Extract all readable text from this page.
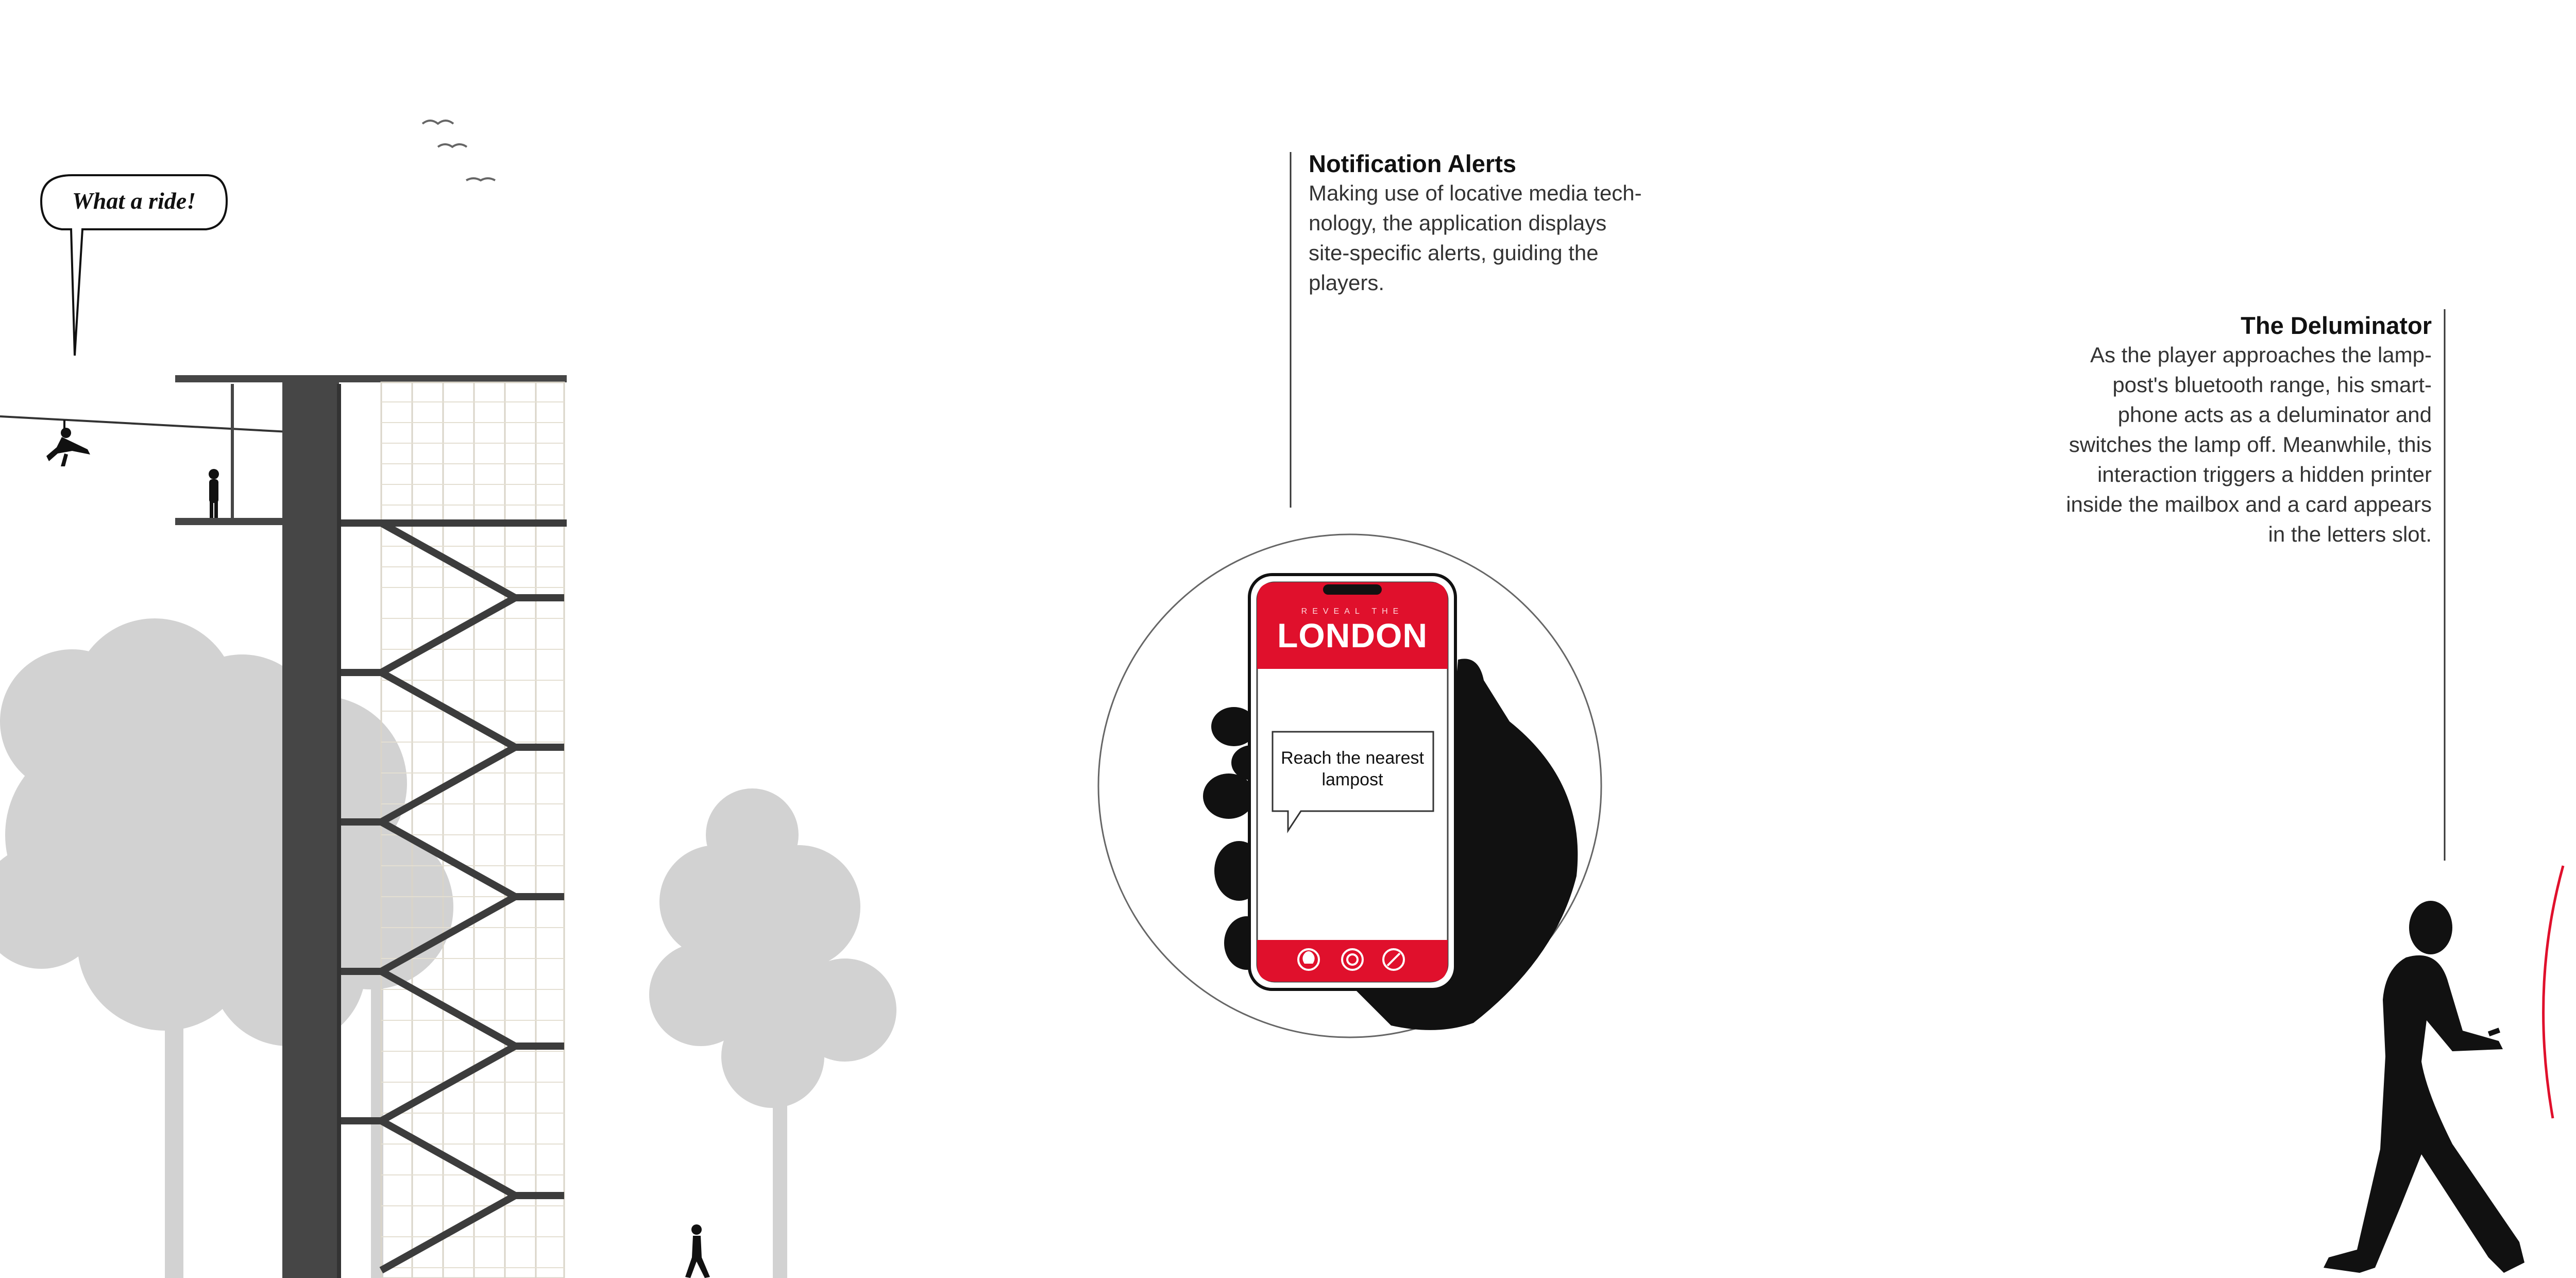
What a ride!
Notification Alerts
Making use of locative media tech-nology, the application displays site-specific alerts, guiding the players.
The Deluminator
As the player approaches the lamp-post's bluetooth range, his smart-phone acts as a deluminator and switches the lamp off. Meanwhile, this interaction triggers a hidden printer inside the mailbox and a card appears in the letters slot.
REVEAL THE
LONDON
Reach the nearest lampost
